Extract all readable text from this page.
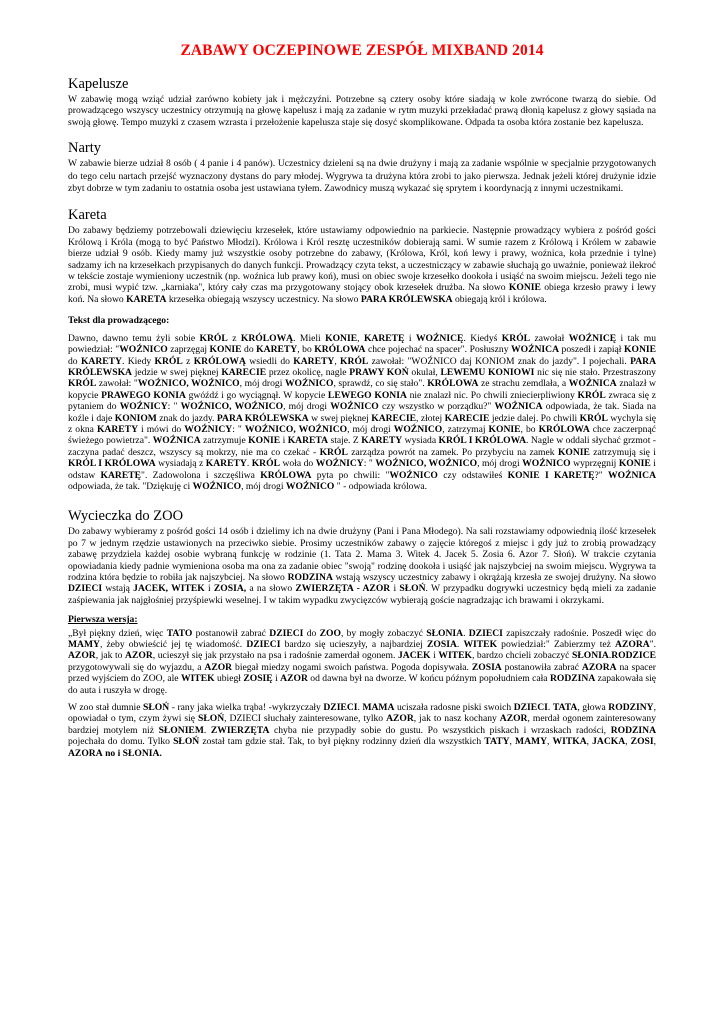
ZABAWY OCZEPINOWE ZESPÓŁ MIXBAND 2014
Kapelusze

W zabawię mogą wziąć udział zarówno kobiety jak i mężczyźni. Potrzebne są cztery osoby które siadają w kole zwrócone twarzą do siebie. Od prowadzącego wszyscy uczestnicy otrzymują na głowę kapelusz i mają za zadanie w rytm muzyki przekładać prawą dłonią kapelusz z głowy sąsiada na swoją głowę. Tempo muzyki z czasem wzrasta i przełożenie kapelusza staje się dosyć skomplikowane. Odpada ta osoba która zostanie bez kapelusza.

Narty

W zabawie bierze udział 8 osób ( 4 panie i 4 panów). Uczestnicy dzieleni są na dwie drużyny i mają za zadanie wspólnie w specjalnie przygotowanych do tego celu nartach przejść wyznaczony dystans do pary młodej. Wygrywa ta drużyna która zrobi to jako pierwsza. Jednak jeżeli której drużynie idzie zbyt dobrze w tym zadaniu to ostatnia osoba jest ustawiana tyłem. Zawodnicy muszą wykazać się sprytem i koordynacją z innymi uczestnikami.

Kareta

Do zabawy będziemy potrzebowali dziewięciu krzesełek, które ustawiamy odpowiednio na parkiecie. Następnie prowadzący wybiera z pośród gości Królową i Króla (mogą to być Państwo Młodzi). Królowa i Król resztę uczestników dobierają sami. W sumie razem z Królową i Królem w zabawie bierze udział 9 osób. Kiedy mamy już wszystkie osoby potrzebne do zabawy, (Królowa, Król, koń lewy i prawy, woźnica, koła przednie i tylne) sadzamy ich na krzesełkach przypisanych do danych funkcji. Prowadzący czyta tekst, a uczestniczący w zabawie słuchają go uważnie, ponieważ ilekroć w tekście zostaje wymieniony uczestnik (np. woźnica lub prawy koń), musi on obiec swoje krzesełko dookoła i usiąść na swoim miejscu. Jeżeli tego nie zrobi, musi wypić tzw. „karniaka", który cały czas ma przygotowany stojący obok krzesełek drużba. Na słowo KONIE obiega krzesło prawy i lewy koń. Na słowo KARETA krzesełka obiegają wszyscy uczestnicy. Na słowo PARA KRÓLEWSKA obiegają król i królowa.

Tekst dla prowadzącego:

Dawno, dawno temu żyli sobie KRÓL z KRÓLOWĄ. Mieli KONIE, KARETĘ i WOŹNICĘ. Kiedyś KRÓL zawołał WOŹNICĘ i tak mu powiedział: "WOŹNICO zaprzęgaj KONIE do KARETY, bo KRÓLOWA chce pojechać na spacer". Posłuszny WOŹNICA poszedł i zapiął KONIE do KARETY. Kiedy KRÓL z KRÓLOWĄ wsiedli do KARETY, KRÓL zawołał: "WOŹNICO daj KONIOM znak do jazdy". I pojechali. PARA KRÓLEWSKA jedzie w swej pięknej KARECIE przez okolicę, nagle PRAWY KOŃ okulał, LEWEMU KONIOWI nic się nie stało. Przestraszony KRÓL zawołał: "WOŹNICO, WOŹNICO, mój drogi WOŹNICO, sprawdź, co się stało". KRÓLOWA ze strachu zemdlała, a WOŹNICA znalazł w kopycie PRAWEGO KONIA gwóźdź i go wyciągnął. W kopycie LEWEGO KONIA nie znalazł nic. Po chwili zniecierpliwiony KRÓL zwraca się z pytaniem do WOŹNICY: " WOŹNICO, WOŹNICO, mój drogi WOŹNICO czy wszystko w porządku?" WOŹNICA odpowiada, że tak. Siada na koźle i daje KONIOM znak do jazdy. PARA KRÓLEWSKA w swej pięknej KARECIE, złotej KARECIE jedzie dalej. Po chwili KRÓL wychyla się z okna KARETY i mówi do WOŹNICY: " WOŹNICO, WOŹNICO, mój drogi WOŹNICO, zatrzymaj KONIE, bo KRÓLOWA chce zaczerpnąć świeżego powietrza". WOŹNICA zatrzymuje KONIE i KARETA staje. Z KARETY wysiada KRÓL I KRÓLOWA. Nagle w oddali słychać grzmot - zaczyna padać deszcz, wszyscy są mokrzy, nie ma co czekać - KRÓL zarządza powrót na zamek. Po przybyciu na zamek KONIE zatrzymują się i KRÓL I KRÓLOWA wysiadają z KARETY. KRÓL woła do WOŹNICY: " WOŹNICO, WOŹNICO, mój drogi WOŹNICO wyprzęgnij KONIE i odstaw KARETĘ". Zadowolona i szczęśliwa KRÓLOWA pyta po chwili: "WOŹNICO czy odstawiłeś KONIE I KARETĘ?" WOŹNICA odpowiada, że tak. "Dziękuję ci WOŹNICO, mój drogi WOŹNICO " - odpowiada królowa.

Wycieczka do ZOO

Do zabawy wybieramy z pośród gości 14 osób i dzielimy ich na dwie drużyny (Pani i Pana Młodego). Na sali rozstawiamy odpowiednią ilość krzesełek po 7 w jednym rzędzie ustawionych na przeciwko siebie. Prosimy uczestników zabawy o zajęcie któregoś z miejsc i gdy już to zrobią prowadzący zabawę przydziela każdej osobie wybraną funkcję w rodzinie (1. Tata 2. Mama 3. Witek 4. Jacek 5. Zosia 6. Azor 7. Słoń). W trakcie czytania opowiadania kiedy padnie wymieniona osoba ma ona za zadanie obiec "swoją" rodzinę dookoła i usiąść jak najszybciej na swoim miejscu. Wygrywa ta rodzina która będzie to robiła jak najszybciej. Na słowo RODZINA wstają wszyscy uczestnicy zabawy i okrążają krzesła ze swojej drużyny. Na słowo DZIECI wstają JACEK, WITEK i ZOSIA, a na słowo ZWIERZĘTA - AZOR i SŁOŃ. W przypadku dogrywki uczestnicy będą mieli za zadanie zaśpiewania jak najgłośniej przyśpiewki weselnej. I w takim wypadku zwycięzców wybierają goście nagradzając ich brawami i okrzykami.

Pierwsza wersja:

„Był piękny dzień, więc TATO postanowił zabrać DZIECI do ZOO, by mogły zobaczyć SŁONIA. DZIECI zapiszczały radośnie. Poszedł więc do MAMY, żeby obwieścić jej tę wiadomość. DZIECI bardzo się ucieszyły, a najbardziej ZOSIA. WITEK powiedział:" Zabierzmy też AZORA". AZOR, jak to AZOR, ucieszył się jak przystało na psa i radośnie zamerdał ogonem. JACEK i WITEK, bardzo chcieli zobaczyć SŁONIA.RODZICE przygotowywali się do wyjazdu, a AZOR biegał miedzy nogami swoich państwa. Pogoda dopisywała. ZOSIA postanowiła zabrać AZORA na spacer przed wyjściem do ZOO, ale WITEK ubiegł ZOSIĘ i AZOR od dawna był na dworze. W końcu późnym popołudniem cała RODZINA zapakowała się do auta i ruszyła w drogę.

W zoo stał dumnie SŁOŃ - rany jaka wielka trąba! -wykrzyczały DZIECI. MAMA uciszała radosne piski swoich DZIECI. TATA, głowa RODZINY, opowiadał o tym, czym żywi się SŁOŃ, DZIECI słuchały zainteresowane, tylko AZOR, jak to nasz kochany AZOR, merdał ogonem zainteresowany bardziej motylem niż SŁONIEM. ZWIERZĘTA chyba nie przypadły sobie do gustu. Po wszystkich piskach i wrzaskach radości, RODZINA pojechała do domu. Tylko SŁOŃ został tam gdzie stał. Tak, to był piękny rodzinny dzień dla wszystkich TATY, MAMY, WITKA, JACKA, ZOSI, AZORA no i SŁONIA.
